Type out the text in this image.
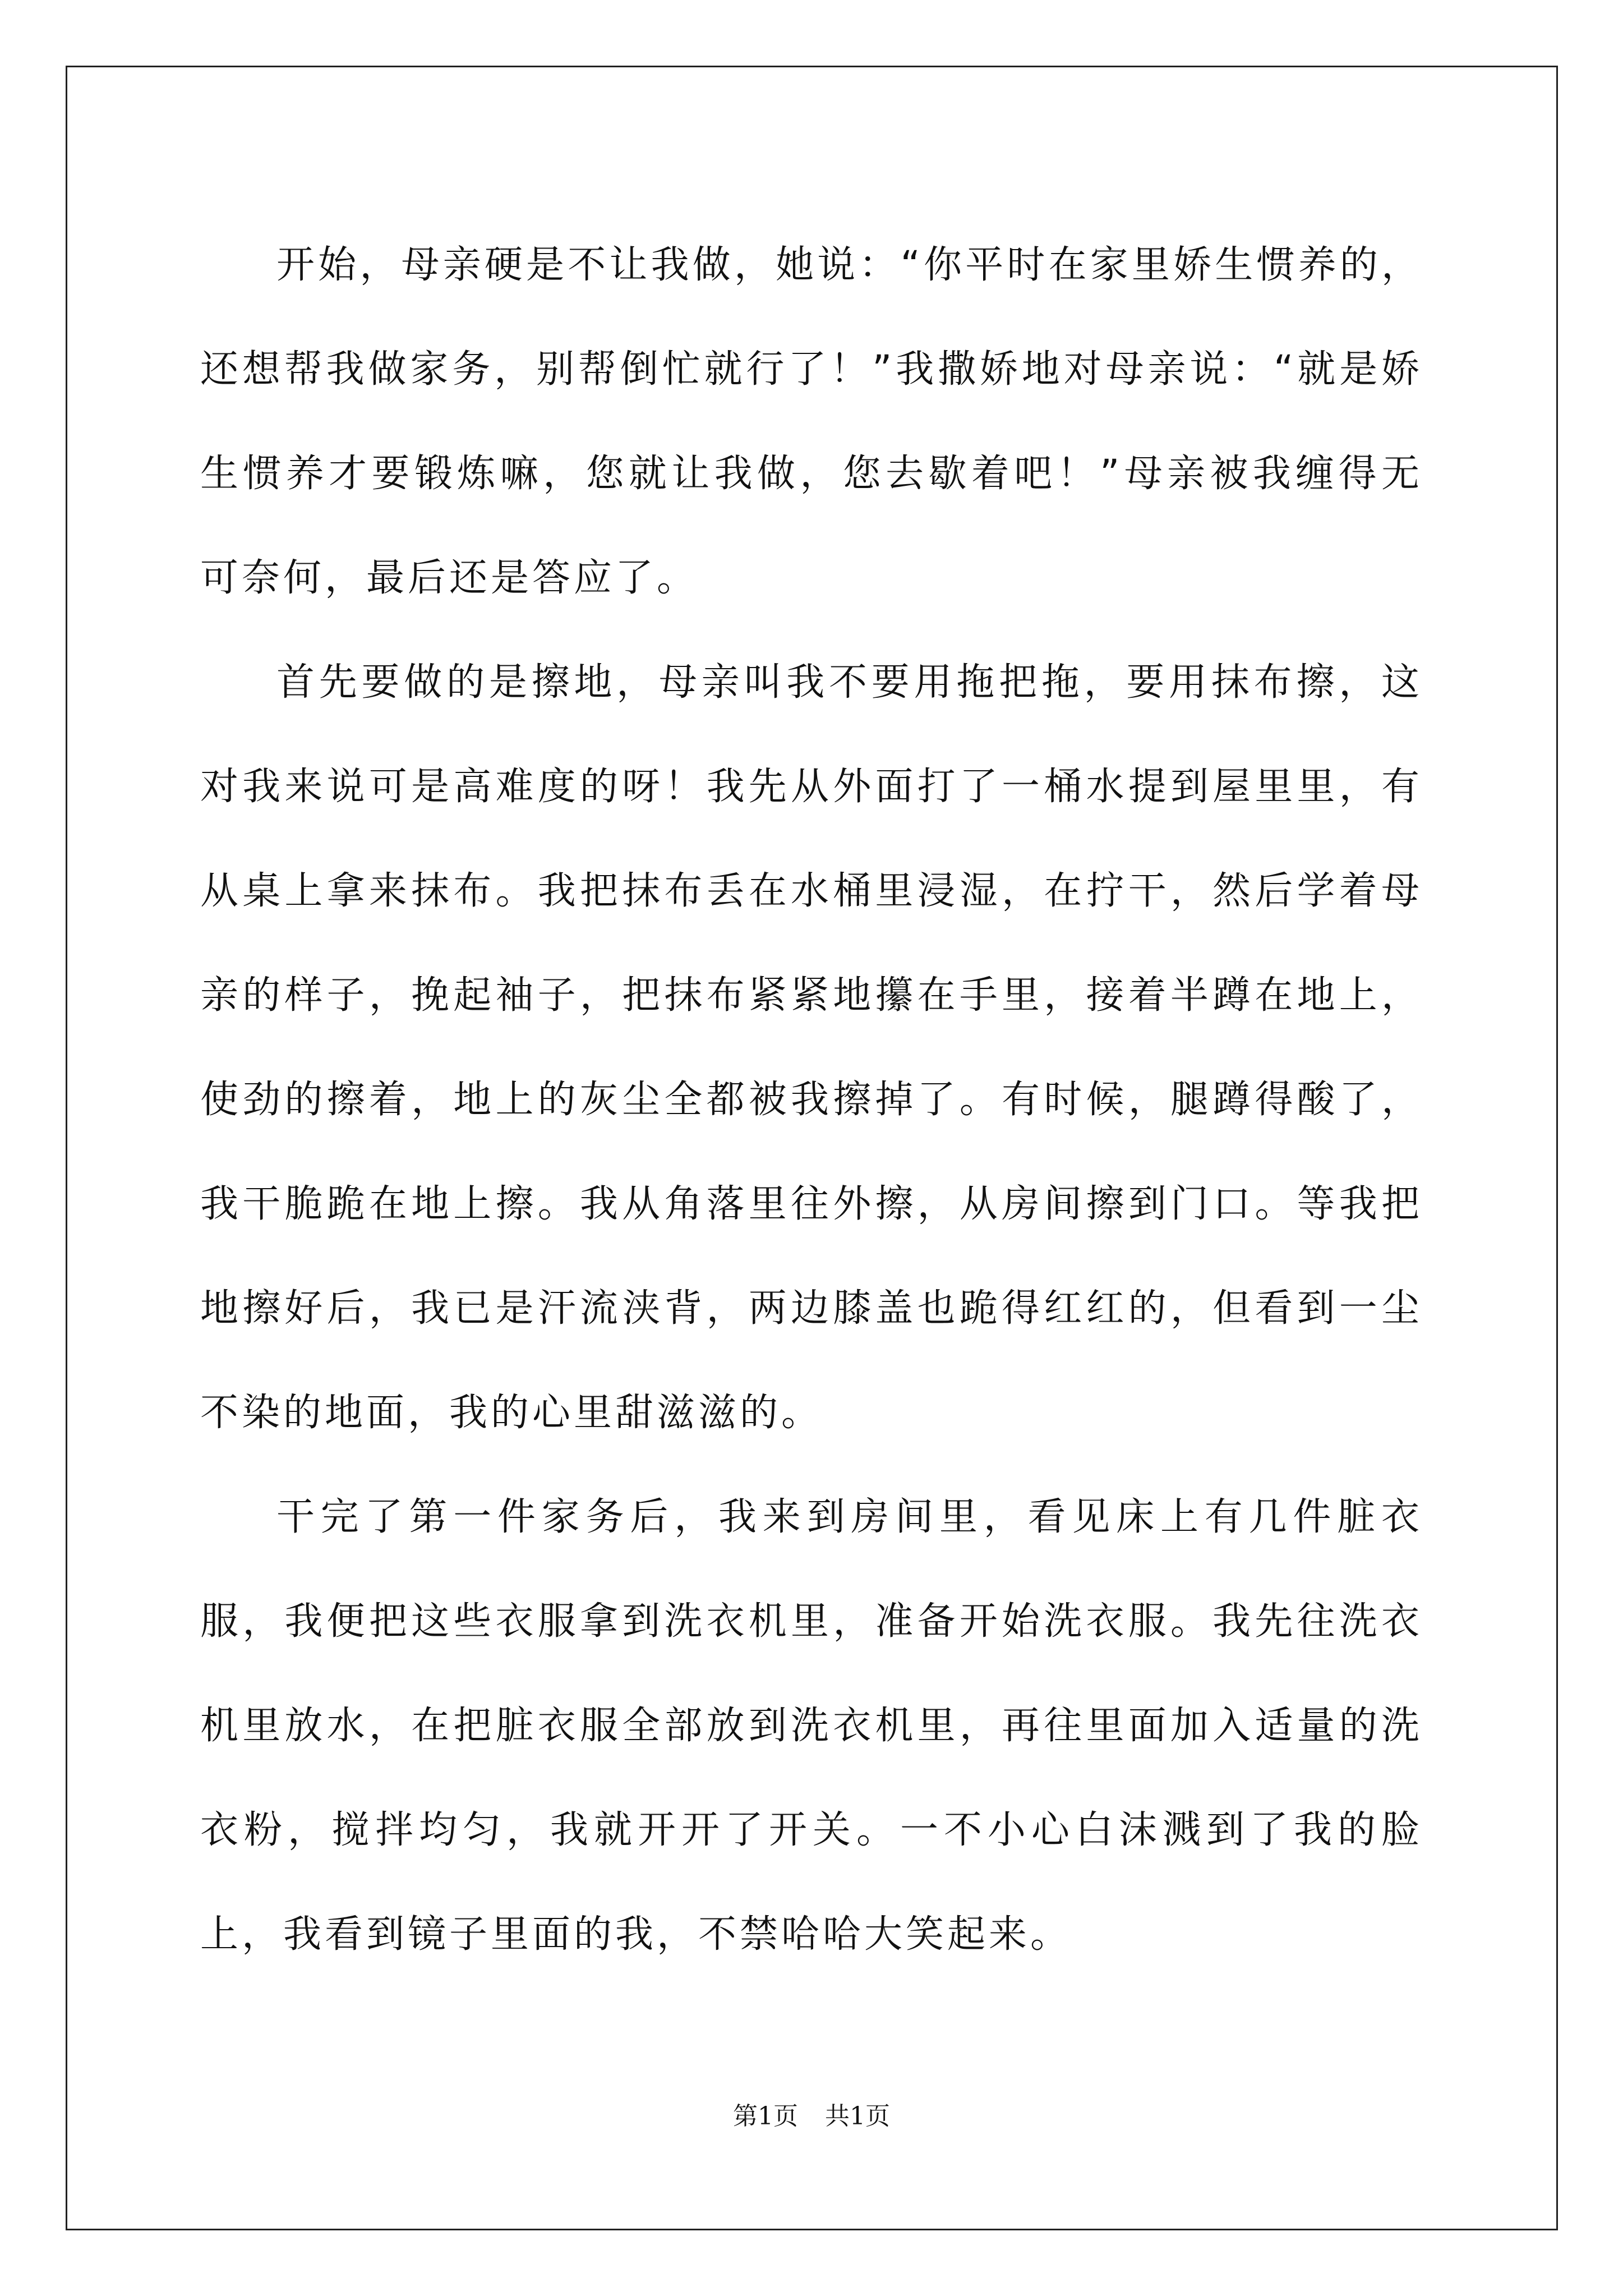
开始，母亲硬是不让我做，她说：“你平时在家里娇生惯养的，还想帮我做家务，别帮倒忙就行了！”我撒娇地对母亲说：“就是娇生惯养才要锻炼嘛，您就让我做，您去歇着吧！”母亲被我缠得无可奈何，最后还是答应了。

首先要做的是擦地，母亲叫我不要用拖把拖，要用抹布擦，这对我来说可是高难度的呀！我先从外面打了一桶水提到屋里里，有从桌上拿来抹布。我把抹布丢在水桶里浸湿，在拧干，然后学着母亲的样子，挽起袖子，把抹布紧紧地攥在手里，接着半蹲在地上，使劲的擦着，地上的灰尘全都被我擦掉了。有时候，腿蹲得酸了，我干脆跪在地上擦。我从角落里往外擦，从房间擦到门口。等我把地擦好后，我已是汗流浃背，两边膝盖也跪得红红的，但看到一尘不染的地面，我的心里甜滋滋的。

干完了第一件家务后，我来到房间里，看见床上有几件脏衣服，我便把这些衣服拿到洗衣机里，准备开始洗衣服。我先往洗衣机里放水，在把脏衣服全部放到洗衣机里，再往里面加入适量的洗衣粉，搅拌均匀，我就开开了开关。一不小心白沫溅到了我的脸上，我看到镜子里面的我，不禁哈哈大笑起来。

第1页 共1页
